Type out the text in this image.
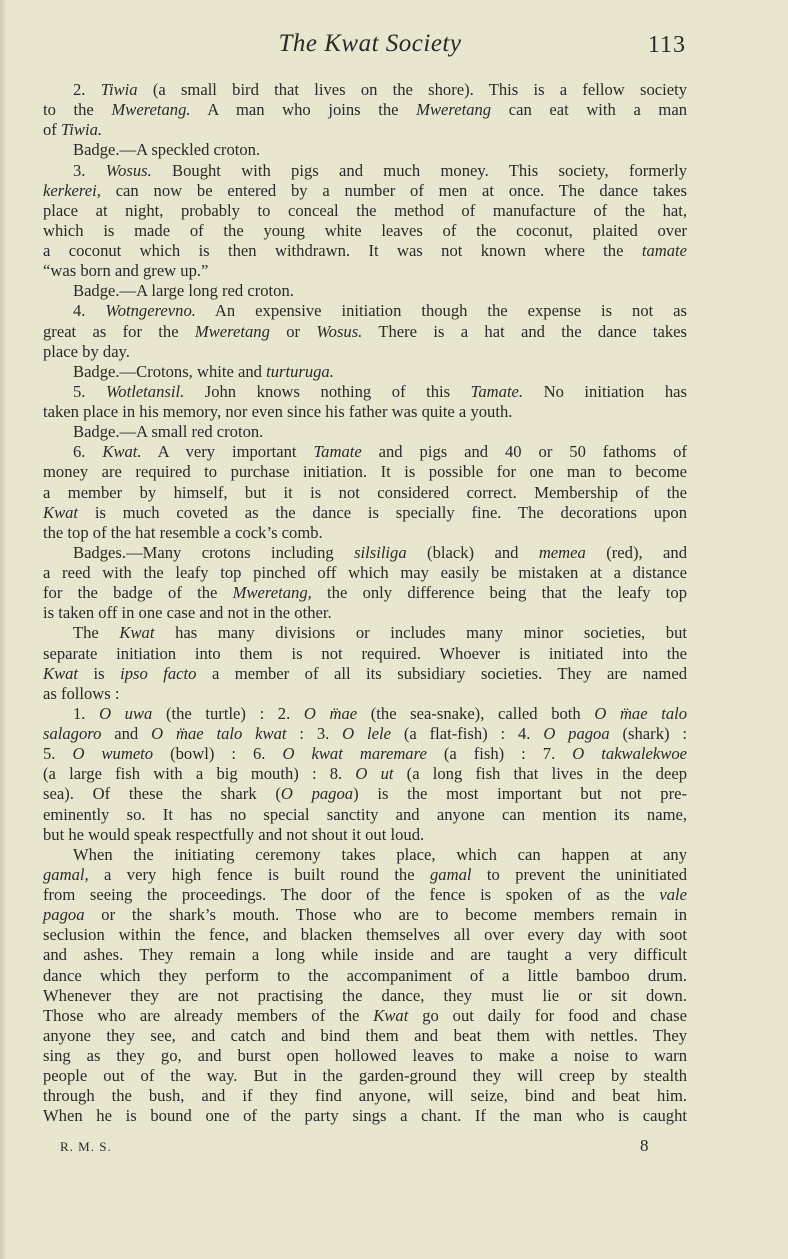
The Kwat Society	113
2. Tiwia (a small bird that lives on the shore). This is a fellow society
to the Mweretang. A man who joins the Mweretang can eat with a man
of Tiwia.
Badge.—A speckled croton.
3. Wosus. Bought with pigs and much money. This society, formerly
kerkerei, can now be entered by a number of men at once. The dance takes
place at night, probably to conceal the method of manufacture of the hat,
which is made of the young white leaves of the coconut, plaited over
a coconut which is then withdrawn. It was not known where the tamate
“was born and grew up.”
Badge.—A large long red croton.
4. Wotngerevno. An expensive initiation though the expense is not as
great as for the Mweretang or Wosus. There is a hat and the dance takes
place by day.
Badge.—Crotons, white and turturuga.
5. Wotletansil. John knows nothing of this Tamate. No initiation has
taken place in his memory, nor even since his father was quite a youth.
Badge.—A small red croton.
6. Kwat. A very important Tamate and pigs and 40 or 50 fathoms of
money are required to purchase initiation. It is possible for one man to become
a member by himself, but it is not considered correct. Membership of the
Kwat is much coveted as the dance is specially fine. The decorations upon
the top of the hat resemble a cock’s comb.
Badges.—Many crotons including silsiliga (black) and memea (red), and
a reed with the leafy top pinched off which may easily be mistaken at a distance
for the badge of the Mweretang, the only difference being that the leafy top
is taken off in one case and not in the other.
The Kwat has many divisions or includes many minor societies, but
separate initiation into them is not required. Whoever is initiated into the
Kwat is ipso facto a member of all its subsidiary societies. They are named
as follows :
1. O uwa (the turtle) : 2. O m̈ae (the sea-snake), called both O m̈ae talo
salagoro and O m̈ae talo kwat : 3. O lele (a flat-fish) : 4. O pagoa (shark) :
5. O wumeto (bowl) : 6. O kwat maremare (a fish) : 7. O takwalekwoe
(a large fish with a big mouth) : 8. O ut (a long fish that lives in the deep
sea). Of these the shark (O pagoa) is the most important but not pre-
eminently so. It has no special sanctity and anyone can mention its name,
but he would speak respectfully and not shout it out loud.
When the initiating ceremony takes place, which can happen at any
gamal, a very high fence is built round the gamal to prevent the uninitiated
from seeing the proceedings. The door of the fence is spoken of as the vale
pagoa or the shark’s mouth. Those who are to become members remain in
seclusion within the fence, and blacken themselves all over every day with soot
and ashes. They remain a long while inside and are taught a very difficult
dance which they perform to the accompaniment of a little bamboo drum.
Whenever they are not practising the dance, they must lie or sit down.
Those who are already members of the Kwat go out daily for food and chase
anyone they see, and catch and bind them and beat them with nettles. They
sing as they go, and burst open hollowed leaves to make a noise to warn
people out of the way. But in the garden-ground they will creep by stealth
through the bush, and if they find anyone, will seize, bind and beat him.
When he is bound one of the party sings a chant. If the man who is caught
R. M. S.	8
